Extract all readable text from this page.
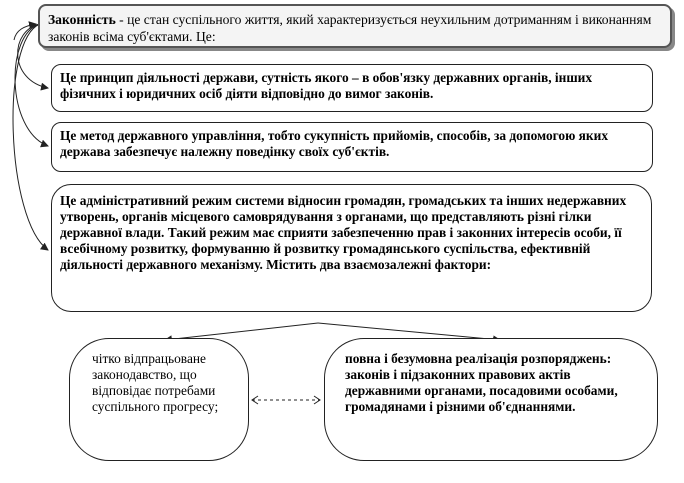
Законність - це стан суспільного життя, який характеризується неухильним дотриманням і виконанням законів всіма суб'єктами. Це:
Це принцип діяльності держави, сутність якого – в обов'язку державних органів, інших фізичних і юридичних осіб діяти відповідно до вимог законів.
Це метод державного управління, тобто сукупність прийомів, способів, за допомогою яких держава забезпечує належну поведінку своїх суб'єктів.
Це адміністративний режим системи відносин громадян, громадських та інших недержавних утворень, органів місцевого самоврядування з органами, що представляють різні гілки державної влади. Такий режим має сприяти забезпеченню прав і законних інтересів особи, її всебічному розвитку, формуванню й розвитку громадянського суспільства, ефективній діяльності державного механізму. Містить два взаємозалежні фактори:
чітко відпрацьоване законодавство, що відповідає потребами суспільного прогресу;
повна і безумовна реалізація розпоряджень: законів і підзаконних правових актів державними органами, посадовими особами, громадянами і різними об'єднаннями.
